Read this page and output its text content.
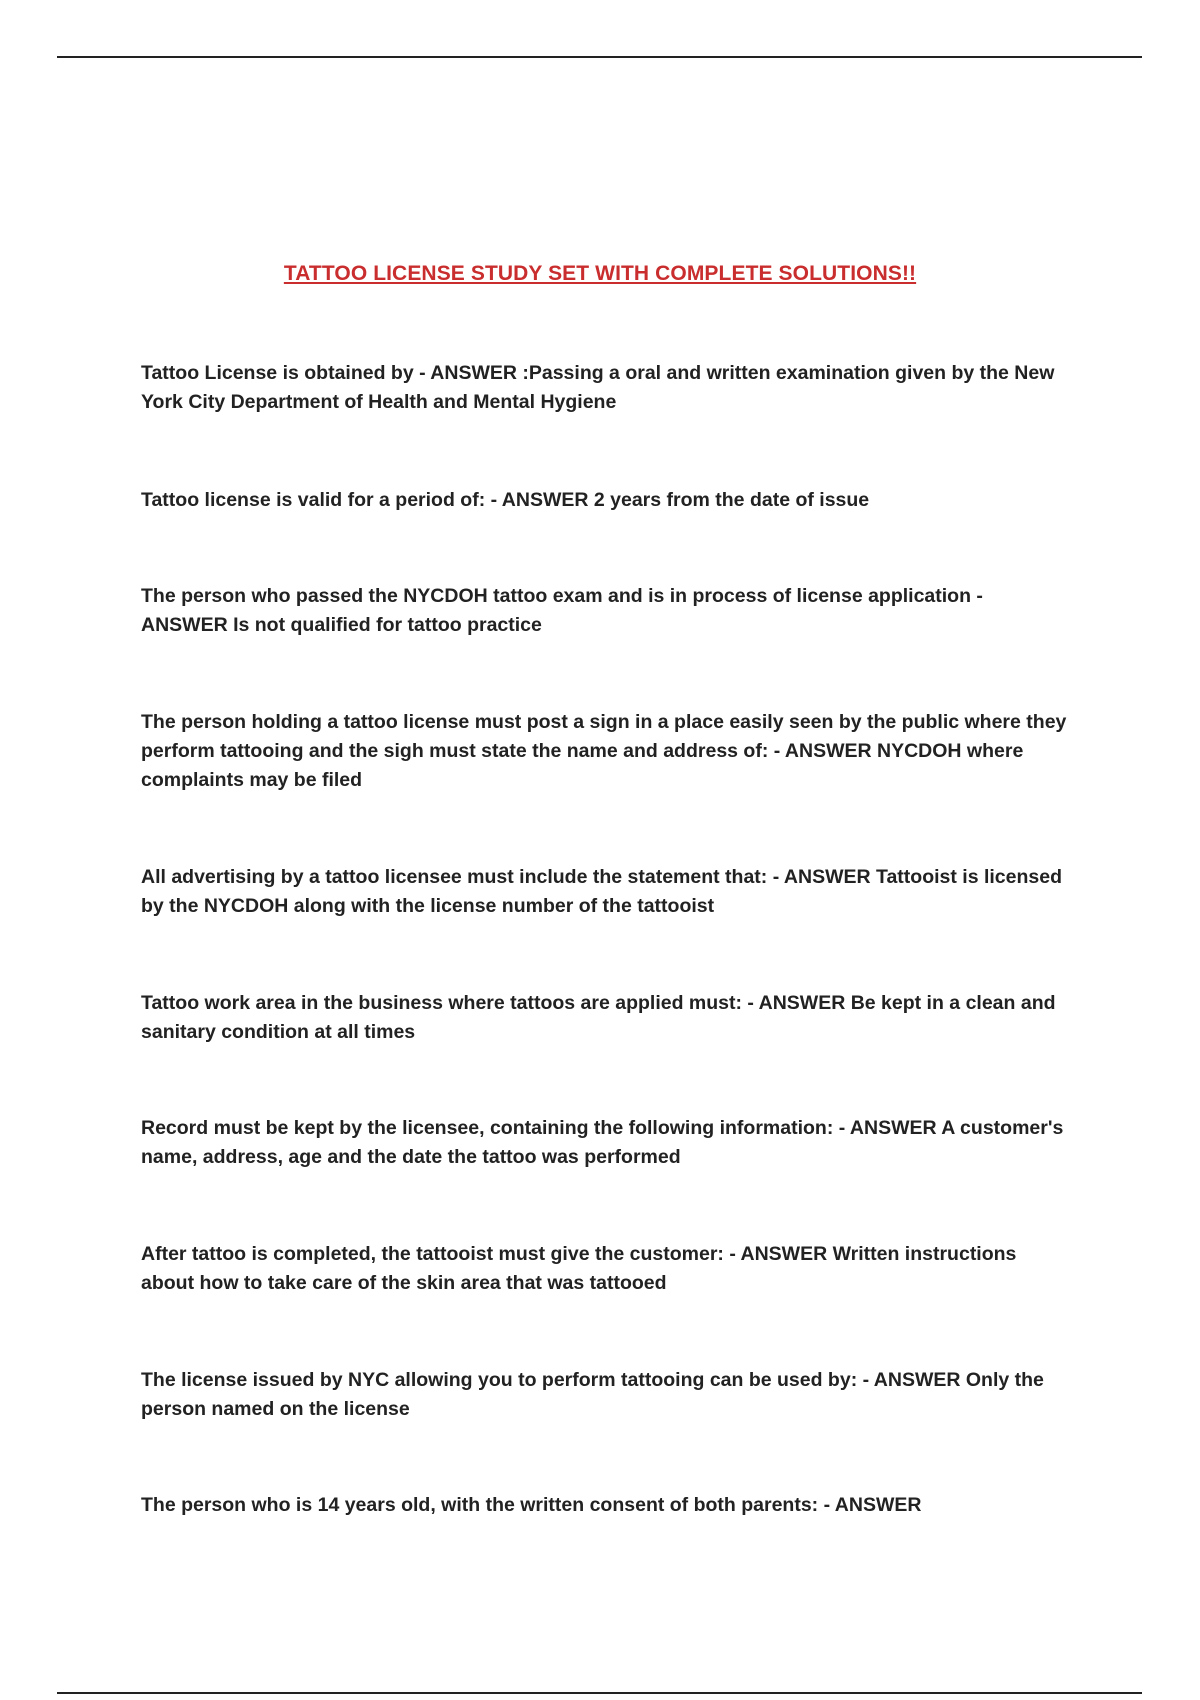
TATTOO LICENSE STUDY SET WITH COMPLETE SOLUTIONS!!
Tattoo License is obtained by - ANSWER :Passing a oral and written examination given by the New York City Department of Health and Mental Hygiene
Tattoo license is valid for a period of: - ANSWER 2 years from the date of issue
The person who passed the NYCDOH tattoo exam and is in process of license application - ANSWER Is not qualified for tattoo practice
The person holding a tattoo license must post a sign in a place easily seen by the public where they perform tattooing and the sigh must state the name and address of: - ANSWER NYCDOH where complaints may be filed
All advertising by a tattoo licensee must include the statement that: - ANSWER Tattooist is licensed by the NYCDOH along with the license number of the tattooist
Tattoo work area in the business where tattoos are applied must: - ANSWER Be kept in a clean and sanitary condition at all times
Record must be kept by the licensee, containing the following information: - ANSWER A customer's name, address, age and the date the tattoo was performed
After tattoo is completed, the tattooist must give the customer: - ANSWER Written instructions about how to take care of the skin area that was tattooed
The license issued by NYC allowing you to perform tattooing can be used by: - ANSWER Only the person named on the license
The person who is 14 years old, with the written consent of both parents: - ANSWER
